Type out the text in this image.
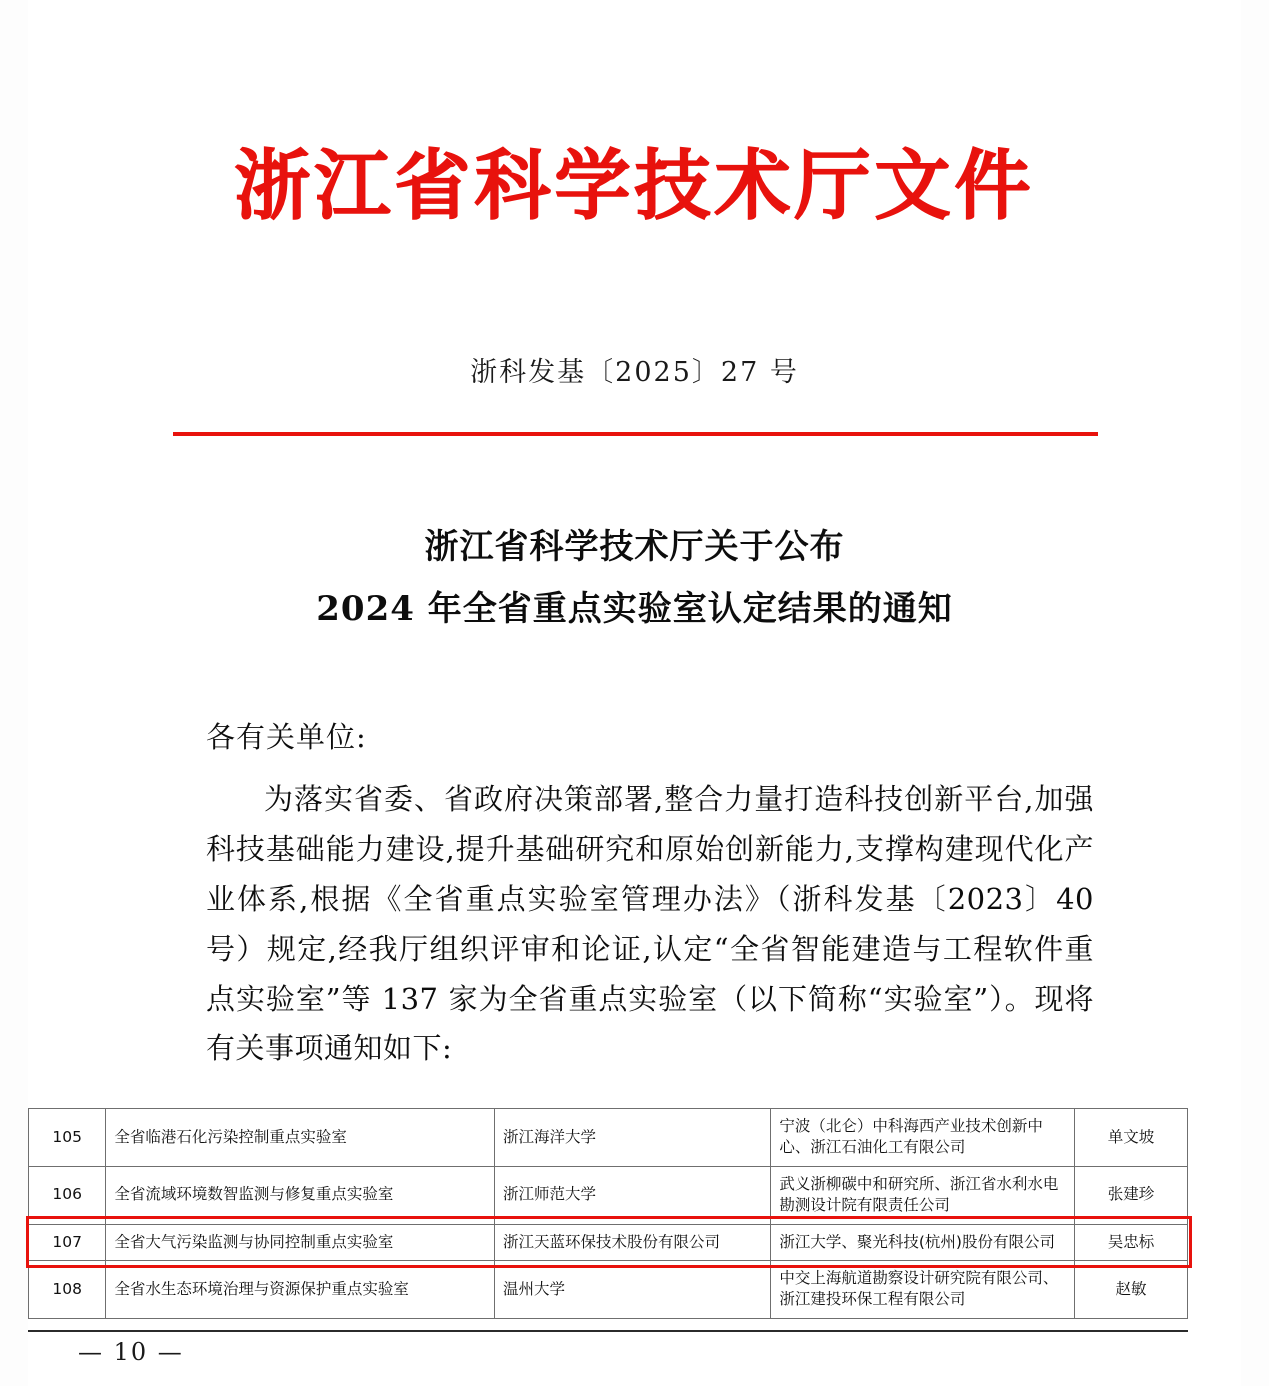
浙江省科学技术厅文件
浙科发基〔2025〕27 号
浙江省科学技术厅关于公布
2024 年全省重点实验室认定结果的通知
各有关单位:
为落实省委、省政府决策部署,整合力量打造科技创新平台,加强科技基础能力建设,提升基础研究和原始创新能力,支撑构建现代化产业体系,根据《全省重点实验室管理办法》（浙科发基〔2023〕40 号）规定,经我厅组织评审和论证,认定“全省智能建造与工程软件重点实验室”等 137 家为全省重点实验室（以下简称“实验室”）。现将有关事项通知如下:
105	全省临港石化污染控制重点实验室	浙江海洋大学	宁波（北仑）中科海西产业技术创新中心、浙江石油化工有限公司	单文坡
106	全省流域环境数智监测与修复重点实验室	浙江师范大学	武义浙柳碳中和研究所、浙江省水利水电勘测设计院有限责任公司	张建珍
107	全省大气污染监测与协同控制重点实验室	浙江天蓝环保技术股份有限公司	浙江大学、聚光科技(杭州)股份有限公司	吴忠标
108	全省水生态环境治理与资源保护重点实验室	温州大学	中交上海航道勘察设计研究院有限公司、浙江建投环保工程有限公司	赵敏
— 10 —
